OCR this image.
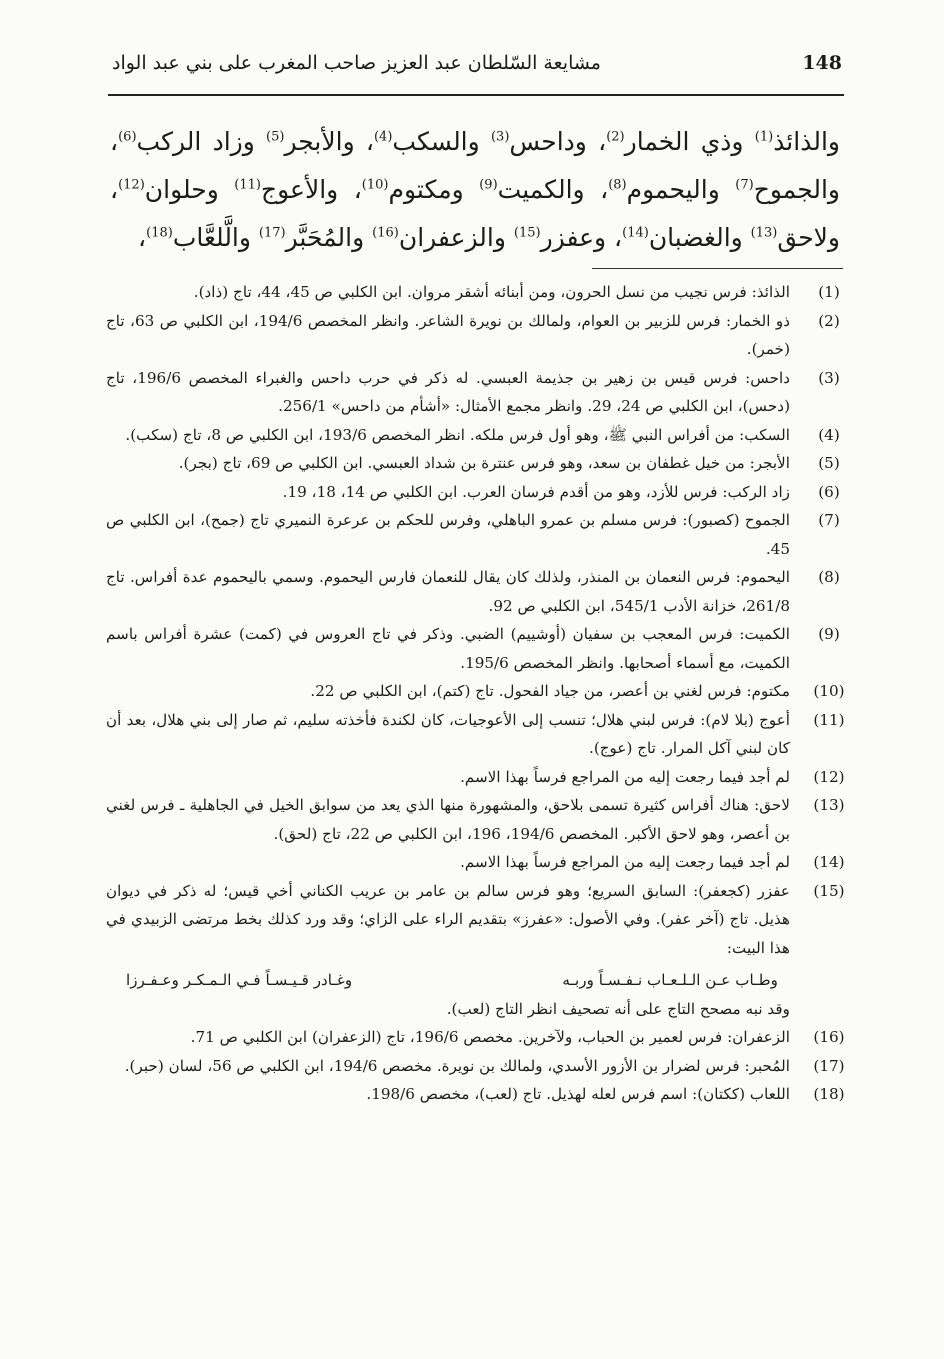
148
مشايعة السّلطان عبد العزيز صاحب المغرب على بني عبد الواد

والذائذ$^{(1)}$ وذي الخمار$^{(2)}$، وداحس$^{(3)}$ والسكب$^{(4)}$، والأبجر$^{(5)}$ وزاد الركب$^{(6)}$، والجموح$^{(7)}$ واليحموم$^{(8)}$، والكميت$^{(9)}$ ومكتوم$^{(10)}$، والأعوج$^{(11)}$ وحلوان$^{(12)}$، ولاحق$^{(13)}$ والغضبان$^{(14)}$، وعفزر$^{(15)}$ والزعفران$^{(16)}$ والمُحَبَّر$^{(17)}$ والَّلعَّاب$^{(18)}$،

(1)
الذائذ: فرس نجيب من نسل الحرون، ومن أبنائه أشقر مروان. ابن الكلبي ص 45، 44، تاج (ذاد).
(2)
ذو الخمار: فرس للزبير بن العوام، ولمالك بن نويرة الشاعر. وانظر المخصص 194/6، ابن الكلبي ص 63، تاج (خمر).
(3)
داحس: فرس قيس بن زهير بن جذيمة العبسي. له ذكر في حرب داحس والغبراء المخصص 196/6، تاج (دحس)، ابن الكلبي ص 24، 29. وانظر مجمع الأمثال: «أشأم من داحس» 256/1.
(4)
السكب: من أفراس النبي ﷺ، وهو أول فرس ملكه. انظر المخصص 193/6، ابن الكلبي ص 8، تاج (سكب).
(5)
الأبجر: من خيل غطفان بن سعد، وهو فرس عنترة بن شداد العبسي. ابن الكلبي ص 69، تاج (بجر).
(6)
زاد الركب: فرس للأزد، وهو من أقدم فرسان العرب. ابن الكلبي ص 14، 18، 19.
(7)
الجموح (كصبور): فرس مسلم بن عمرو الباهلي، وفرس للحكم بن عرعرة النميري تاج (جمح)، ابن الكلبي ص 45.
(8)
اليحموم: فرس النعمان بن المنذر، ولذلك كان يقال للنعمان فارس اليحموم. وسمي باليحموم عدة أفراس. تاج 261/8، خزانة الأدب 545/1، ابن الكلبي ص 92.
(9)
الكميت: فرس المعجب بن سفيان (أوشييم) الضبي. وذكر في تاج العروس في (كمت) عشرة أفراس باسم الكميت، مع أسماء أصحابها. وانظر المخصص 195/6.
(10)
مكتوم: فرس لغني بن أعصر، من جياد الفحول. تاج (كتم)، ابن الكلبي ص 22.
(11)
أعوج (بلا لام): فرس لبني هلال؛ تنسب إلى الأعوجيات، كان لكندة فأخذته سليم، ثم صار إلى بني هلال، بعد أن كان لبني آكل المرار. تاج (عوج).
(12)
لم أجد فيما رجعت إليه من المراجع فرساً بهذا الاسم.
(13)
لاحق: هناك أفراس كثيرة تسمى بلاحق، والمشهورة منها الذي يعد من سوابق الخيل في الجاهلية ـ فرس لغني بن أعصر، وهو لاحق الأكبر. المخصص 194/6، 196، ابن الكلبي ص 22، تاج (لحق).
(14)
لم أجد فيما رجعت إليه من المراجع فرساً بهذا الاسم.
(15)
عفزر (كجعفر): السابق السريع؛ وهو فرس سالم بن عامر بن عريب الكناني أخي قيس؛ له ذكر في ديوان هذيل. تاج (آخر عفر). وفي الأصول: «عفرز» بتقديم الراء على الزاي؛ وقد ورد كذلك بخط مرتضى الزبيدي في هذا البيت:
وطـاب عـن الـلـعـاب نـفـسـاً وربـه
وغـادر قـيـسـاً فـي الـمـكـر وعـفـرزا
وقد نبه مصحح التاج على أنه تصحيف انظر التاج (لعب).
(16)
الزعفران: فرس لعمير بن الحباب، ولآخرين. مخصص 196/6، تاج (الزعفران) ابن الكلبي ص 71.
(17)
المُحبر: فرس لضرار بن الأزور الأسدي، ولمالك بن نويرة. مخصص 194/6، ابن الكلبي ص 56، لسان (حبر).
(18)
اللعاب (ككتان): اسم فرس لعله لهذيل. تاج (لعب)، مخصص 198/6.
